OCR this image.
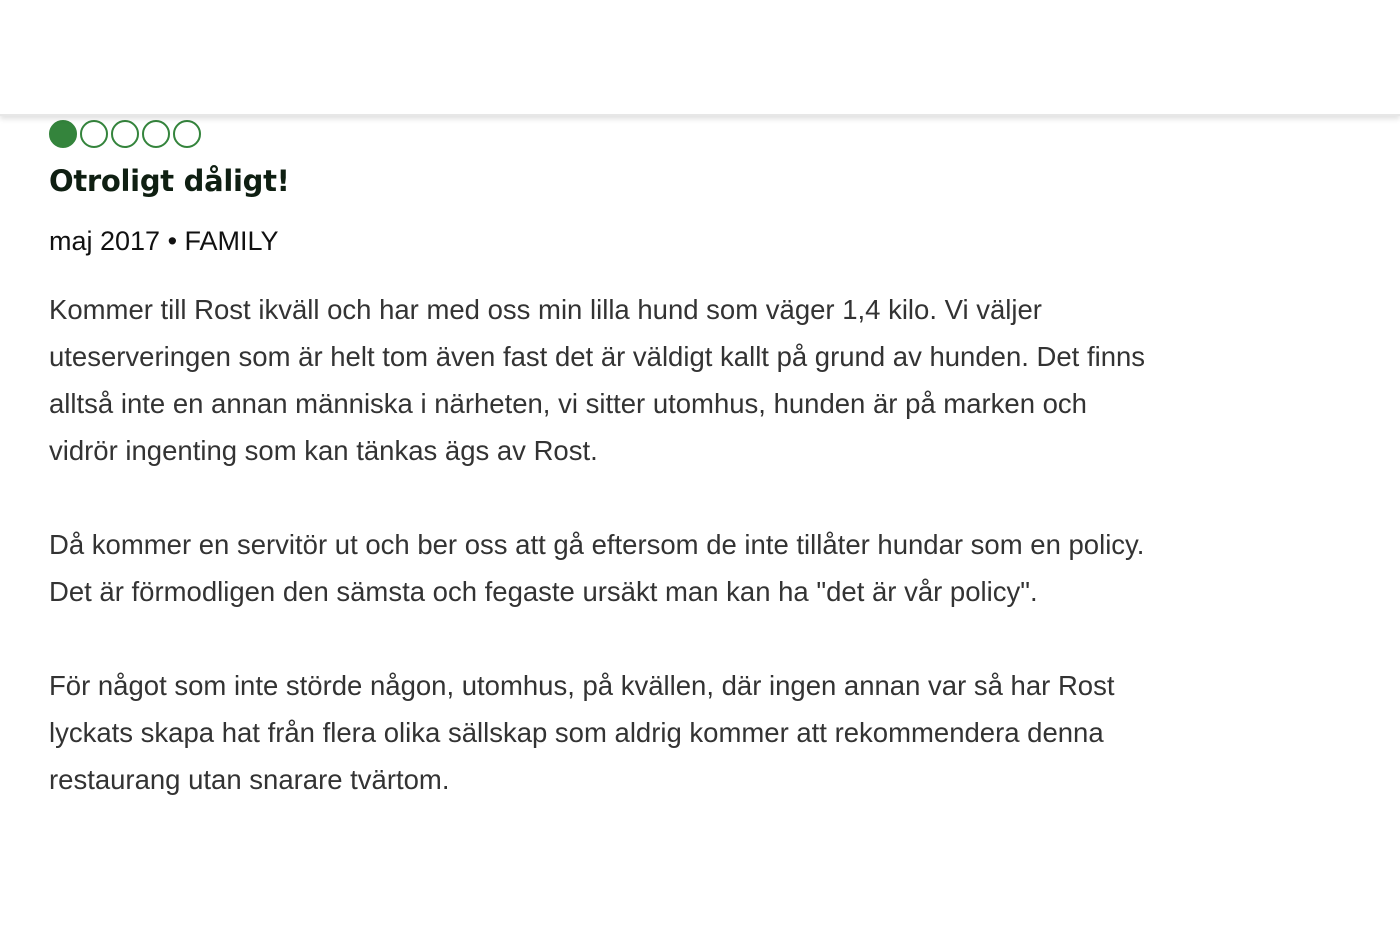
Otroligt dåligt!
maj 2017 • FAMILY

Kommer till Rost ikväll och har med oss min lilla hund som väger 1,4 kilo. Vi väljer
uteserveringen som är helt tom även fast det är väldigt kallt på grund av hunden. Det finns
alltså inte en annan människa i närheten, vi sitter utomhus, hunden är på marken och
vidrör ingenting som kan tänkas ägs av Rost.

Då kommer en servitör ut och ber oss att gå eftersom de inte tillåter hundar som en policy.
Det är förmodligen den sämsta och fegaste ursäkt man kan ha "det är vår policy".

För något som inte störde någon, utomhus, på kvällen, där ingen annan var så har Rost
lyckats skapa hat från flera olika sällskap som aldrig kommer att rekommendera denna
restaurang utan snarare tvärtom.
